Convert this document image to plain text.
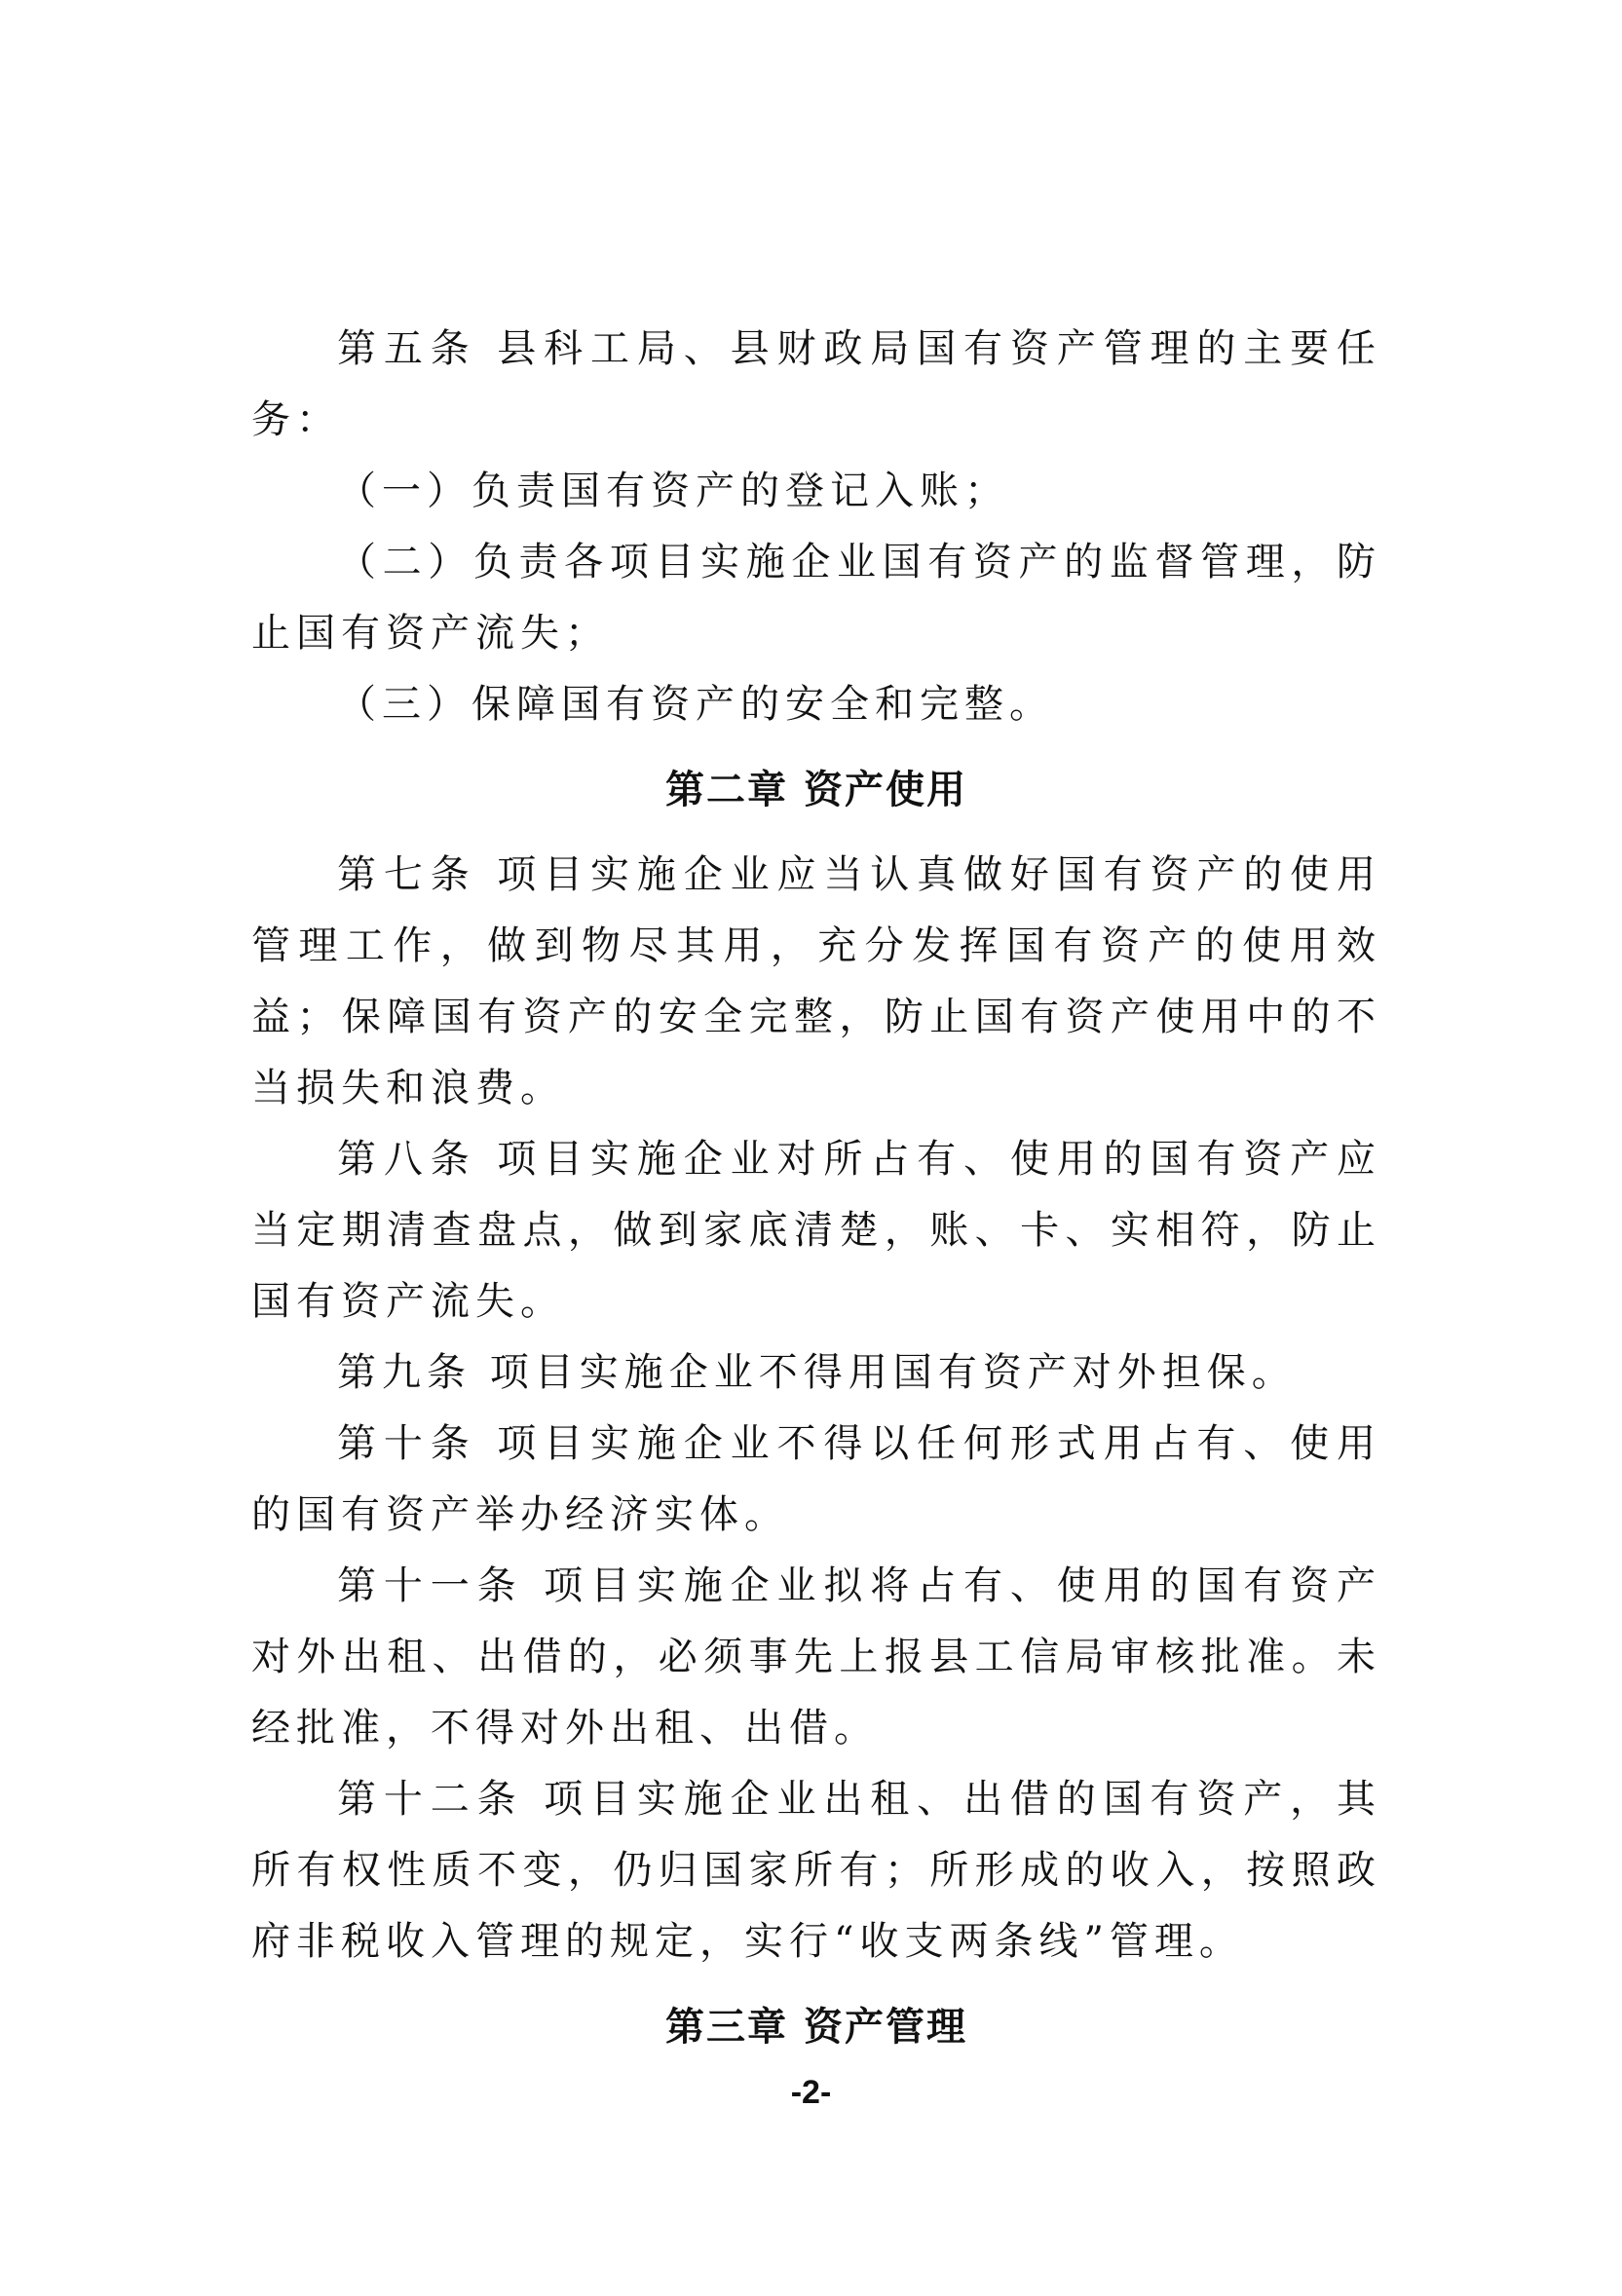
第五条 县科工局、县财政局国有资产管理的主要任务：

（一）负责国有资产的登记入账；

（二）负责各项目实施企业国有资产的监督管理，防止国有资产流失；

（三）保障国有资产的安全和完整。

第二章 资产使用

第七条 项目实施企业应当认真做好国有资产的使用管理工作，做到物尽其用，充分发挥国有资产的使用效益；保障国有资产的安全完整，防止国有资产使用中的不当损失和浪费。

第八条 项目实施企业对所占有、使用的国有资产应当定期清查盘点，做到家底清楚，账、卡、实相符，防止国有资产流失。

第九条 项目实施企业不得用国有资产对外担保。

第十条 项目实施企业不得以任何形式用占有、使用的国有资产举办经济实体。

第十一条 项目实施企业拟将占有、使用的国有资产对外出租、出借的，必须事先上报县工信局审核批准。未经批准，不得对外出租、出借。

第十二条 项目实施企业出租、出借的国有资产，其所有权性质不变，仍归国家所有；所形成的收入，按照政府非税收入管理的规定，实行“收支两条线”管理。

第三章 资产管理
-2-
